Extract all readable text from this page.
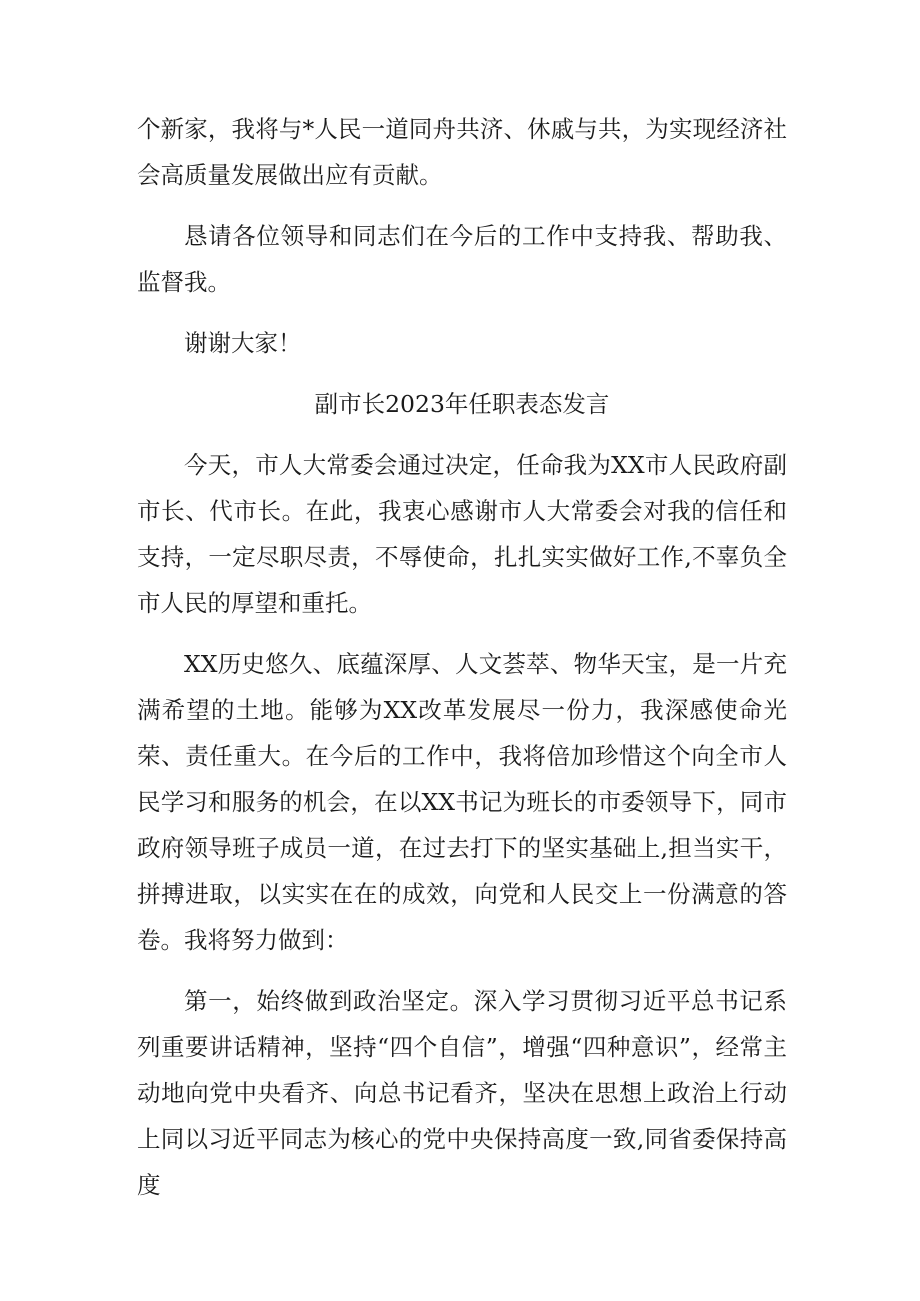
个新家，我将与*人民一道同舟共济、休戚与共，为实现经济社会高质量发展做出应有贡献。

恳请各位领导和同志们在今后的工作中支持我、帮助我、监督我。

谢谢大家！

副市长2023年任职表态发言

今天，市人大常委会通过决定，任命我为XX市人民政府副市长、代市长。在此，我衷心感谢市人大常委会对我的信任和支持，一定尽职尽责，不辱使命，扎扎实实做好工作,不辜负全市人民的厚望和重托。

XX历史悠久、底蕴深厚、人文荟萃、物华天宝，是一片充满希望的土地。能够为XX改革发展尽一份力，我深感使命光荣、责任重大。在今后的工作中，我将倍加珍惜这个向全市人民学习和服务的机会，在以XX书记为班长的市委领导下，同市政府领导班子成员一道，在过去打下的坚实基础上,担当实干，拼搏进取，以实实在在的成效，向党和人民交上一份满意的答卷。我将努力做到：

第一，始终做到政治坚定。深入学习贯彻习近平总书记系列重要讲话精神，坚持“四个自信”，增强“四种意识”，经常主动地向党中央看齐、向总书记看齐，坚决在思想上政治上行动上同以习近平同志为核心的党中央保持高度一致,同省委保持高度
